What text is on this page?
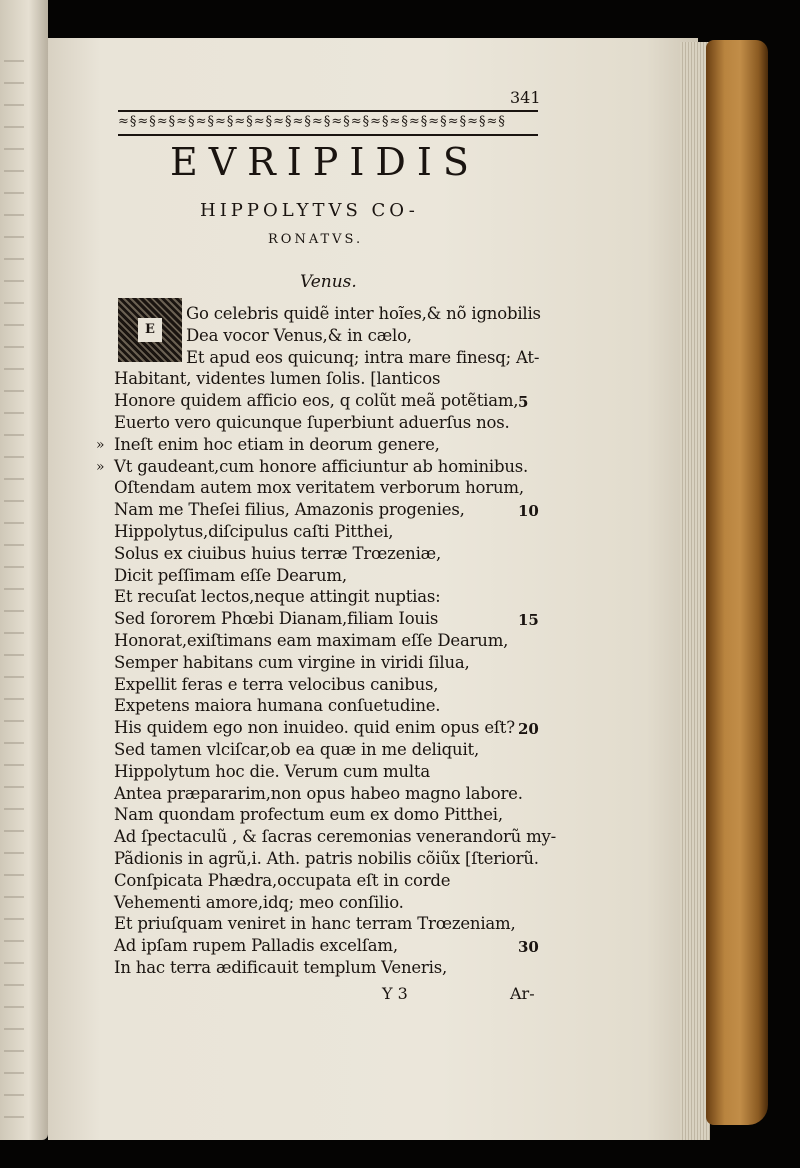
341
≈§≈§≈§≈§≈§≈§≈§≈§≈§≈§≈§≈§≈§≈§≈§≈§≈§≈§≈§≈§
EVRIPIDIS
HIPPOLYTVS CO-
RONATVS.
Venus.
E
Go celebris quidẽ inter hoĩes,& nõ ignobilis
Dea vocor Venus,& in cælo,
Et apud eos quicunq; intra mare finesq; At-
Habitant, videntes lumen ſolis. [lanticos
Honore quidem afficio eos, q colũt meã potẽtiam,
Euerto vero quicunque ſuperbiunt aduerſus nos.
Ineſt enim hoc etiam in deorum genere,
»
Vt gaudeant,cum honore afficiuntur ab hominibus.
»
Oſtendam autem mox veritatem verborum horum,
Nam me Theſei filius, Amazonis progenies,
Hippolytus,diſcipulus caſti Pitthei,
Solus ex ciuibus huius terræ Trœzeniæ,
Dicit peſſimam eſſe Dearum,
Et recuſat lectos,neque attingit nuptias:
Sed ſororem Phœbi Dianam,filiam Iouis
Honorat,exiſtimans eam maximam eſſe Dearum,
Semper habitans cum virgine in viridi ſilua,
Expellit feras e terra velocibus canibus,
Expetens maiora humana conſuetudine.
His quidem ego non inuideo. quid enim opus eſt?
Sed tamen vlciſcar,ob ea quæ in me deliquit,
Hippolytum hoc die. Verum cum multa
Antea præpararim,non opus habeo magno labore.
Nam quondam profectum eum ex domo Pitthei,
Ad ſpectaculũ , & ſacras ceremonias venerandorũ my-
Pãdionis in agrũ,i. Ath. patris nobilis cõiũx [ſteriorũ.
Conſpicata Phædra,occupata eſt in corde
Vehementi amore,idq; meo conſilio.
Et priuſquam veniret in hanc terram Trœzeniam,
Ad ipſam rupem Palladis excelſam,
In hac terra ædificauit templum Veneris,
5
10
15
20
30
Y 3	Ar-
